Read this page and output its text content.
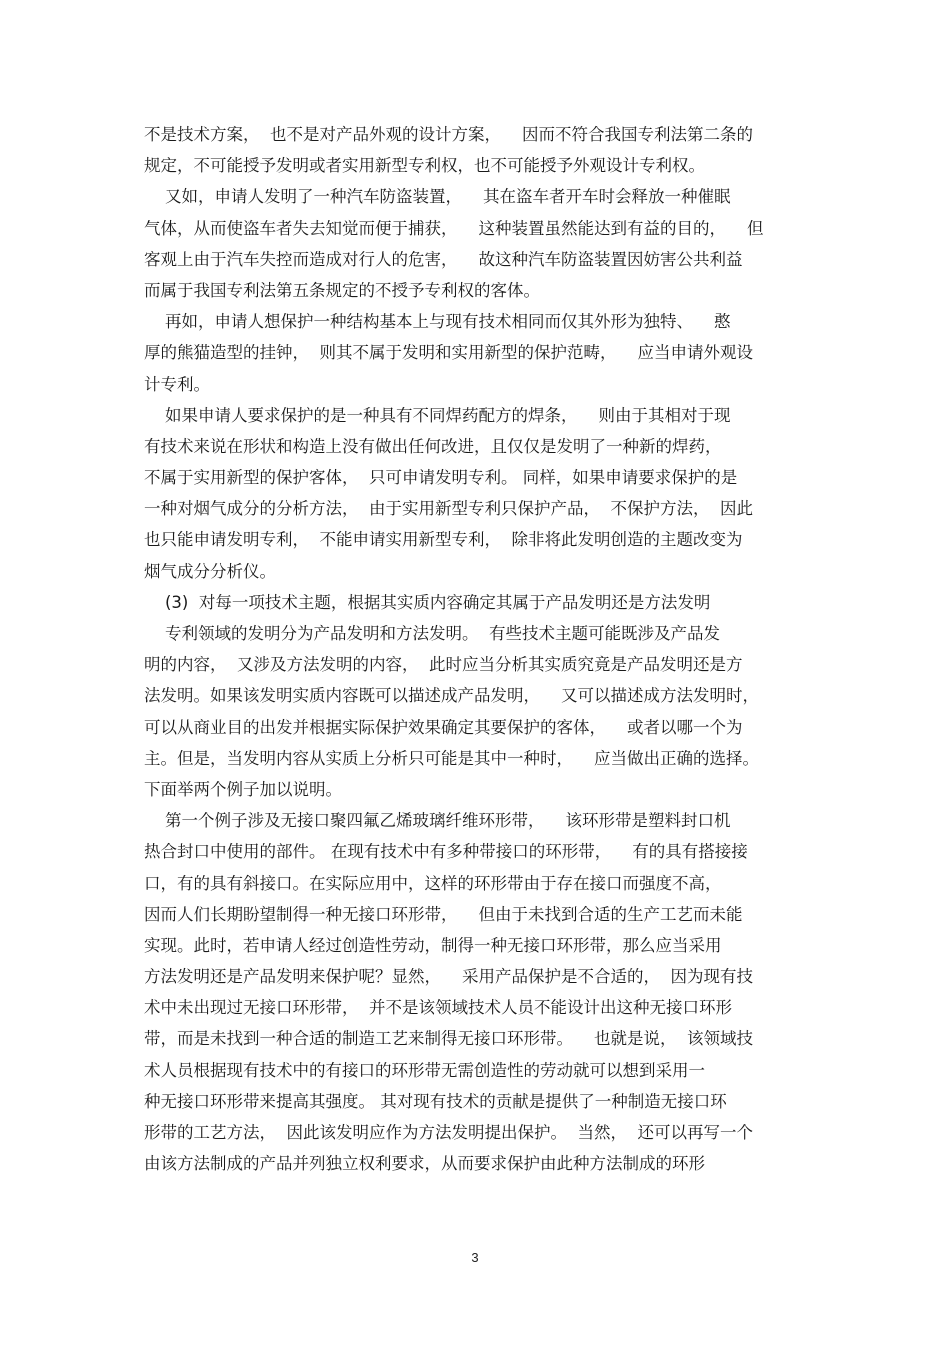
不是技术方案，  也不是对产品外观的设计方案，    因而不符合我国专利法第二条的
规定，不可能授予发明或者实用新型专利权，也不可能授予外观设计专利权。
又如，申请人发明了一种汽车防盗装置，    其在盗车者开车时会释放一种催眠
气体，从而使盗车者失去知觉而便于捕获，    这种装置虽然能达到有益的目的，    但
客观上由于汽车失控而造成对行人的危害，    故这种汽车防盗装置因妨害公共利益
而属于我国专利法第五条规定的不授予专利权的客体。
再如，申请人想保护一种结构基本上与现有技术相同而仅其外形为独特、    憨
厚的熊猫造型的挂钟，  则其不属于发明和实用新型的保护范畴，    应当申请外观设
计专利。
如果申请人要求保护的是一种具有不同焊药配方的焊条，    则由于其相对于现
有技术来说在形状和构造上没有做出任何改进，且仅仅是发明了一种新的焊药，
不属于实用新型的保护客体，  只可申请发明专利。 同样，如果申请要求保护的是
一种对烟气成分的分析方法，  由于实用新型专利只保护产品，  不保护方法，  因此
也只能申请发明专利，  不能申请实用新型专利，  除非将此发明创造的主题改变为
烟气成分分析仪。
(3)  对每一项技术主题，根据其实质内容确定其属于产品发明还是方法发明
专利领域的发明分为产品发明和方法发明。  有些技术主题可能既涉及产品发
明的内容，  又涉及方法发明的内容，  此时应当分析其实质究竟是产品发明还是方
法发明。如果该发明实质内容既可以描述成产品发明，    又可以描述成方法发明时，
可以从商业目的出发并根据实际保护效果确定其要保护的客体，    或者以哪一个为
主。但是，当发明内容从实质上分析只可能是其中一种时，    应当做出正确的选择。
下面举两个例子加以说明。
第一个例子涉及无接口聚四氟乙烯玻璃纤维环形带，    该环形带是塑料封口机
热合封口中使用的部件。 在现有技术中有多种带接口的环形带，    有的具有搭接接
口，有的具有斜接口。在实际应用中，这样的环形带由于存在接口而强度不高，
因而人们长期盼望制得一种无接口环形带，    但由于未找到合适的生产工艺而未能
实现。此时，若申请人经过创造性劳动，制得一种无接口环形带，那么应当采用
方法发明还是产品发明来保护呢？显然，    采用产品保护是不合适的，  因为现有技
术中未出现过无接口环形带，  并不是该领域技术人员不能设计出这种无接口环形
带，而是未找到一种合适的制造工艺来制得无接口环形带。    也就是说，  该领域技
术人员根据现有技术中的有接口的环形带无需创造性的劳动就可以想到采用一
种无接口环形带来提高其强度。 其对现有技术的贡献是提供了一种制造无接口环
形带的工艺方法，  因此该发明应作为方法发明提出保护。  当然，  还可以再写一个
由该方法制成的产品并列独立权利要求，从而要求保护由此种方法制成的环形
3
